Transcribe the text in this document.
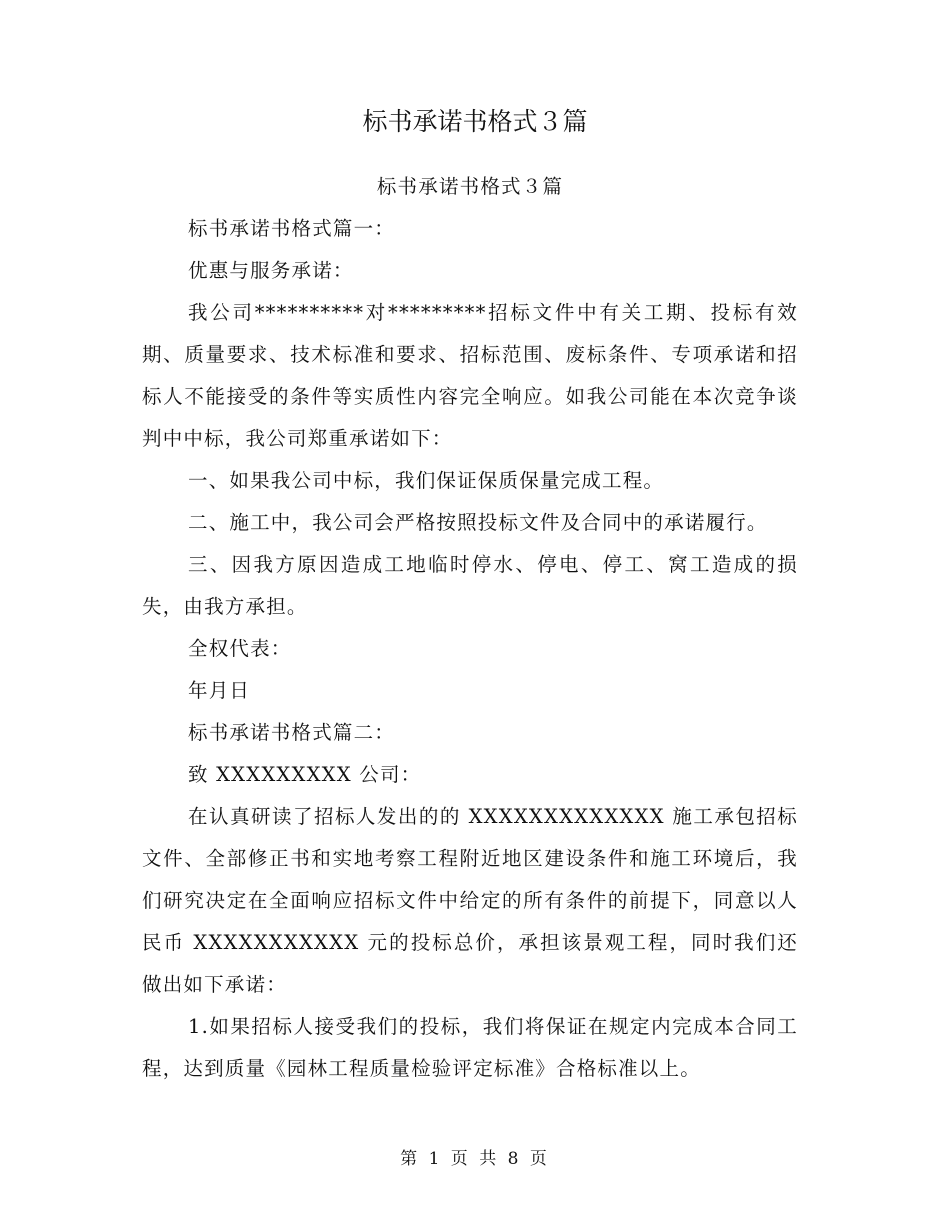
标书承诺书格式３篇

标书承诺书格式３篇

标书承诺书格式篇一：

优惠与服务承诺：

我公司**********对*********招标文件中有关工期、投标有效期、质量要求、技术标准和要求、招标范围、废标条件、专项承诺和招标人不能接受的条件等实质性内容完全响应。如我公司能在本次竞争谈判中中标，我公司郑重承诺如下：

一、如果我公司中标，我们保证保质保量完成工程。

二、施工中，我公司会严格按照投标文件及合同中的承诺履行。

三、因我方原因造成工地临时停水、停电、停工、窝工造成的损失，由我方承担。

全权代表：

年月日

标书承诺书格式篇二：

致 XXXXXXXXX 公司：

在认真研读了招标人发出的的 XXXXXXXXXXXXX 施工承包招标文件、全部修正书和实地考察工程附近地区建设条件和施工环境后，我们研究决定在全面响应招标文件中给定的所有条件的前提下，同意以人民币 XXXXXXXXXXX 元的投标总价，承担该景观工程，同时我们还做出如下承诺：

1.如果招标人接受我们的投标，我们将保证在规定内完成本合同工程，达到质量《园林工程质量检验评定标准》合格标准以上。

第 1 页 共 8 页
